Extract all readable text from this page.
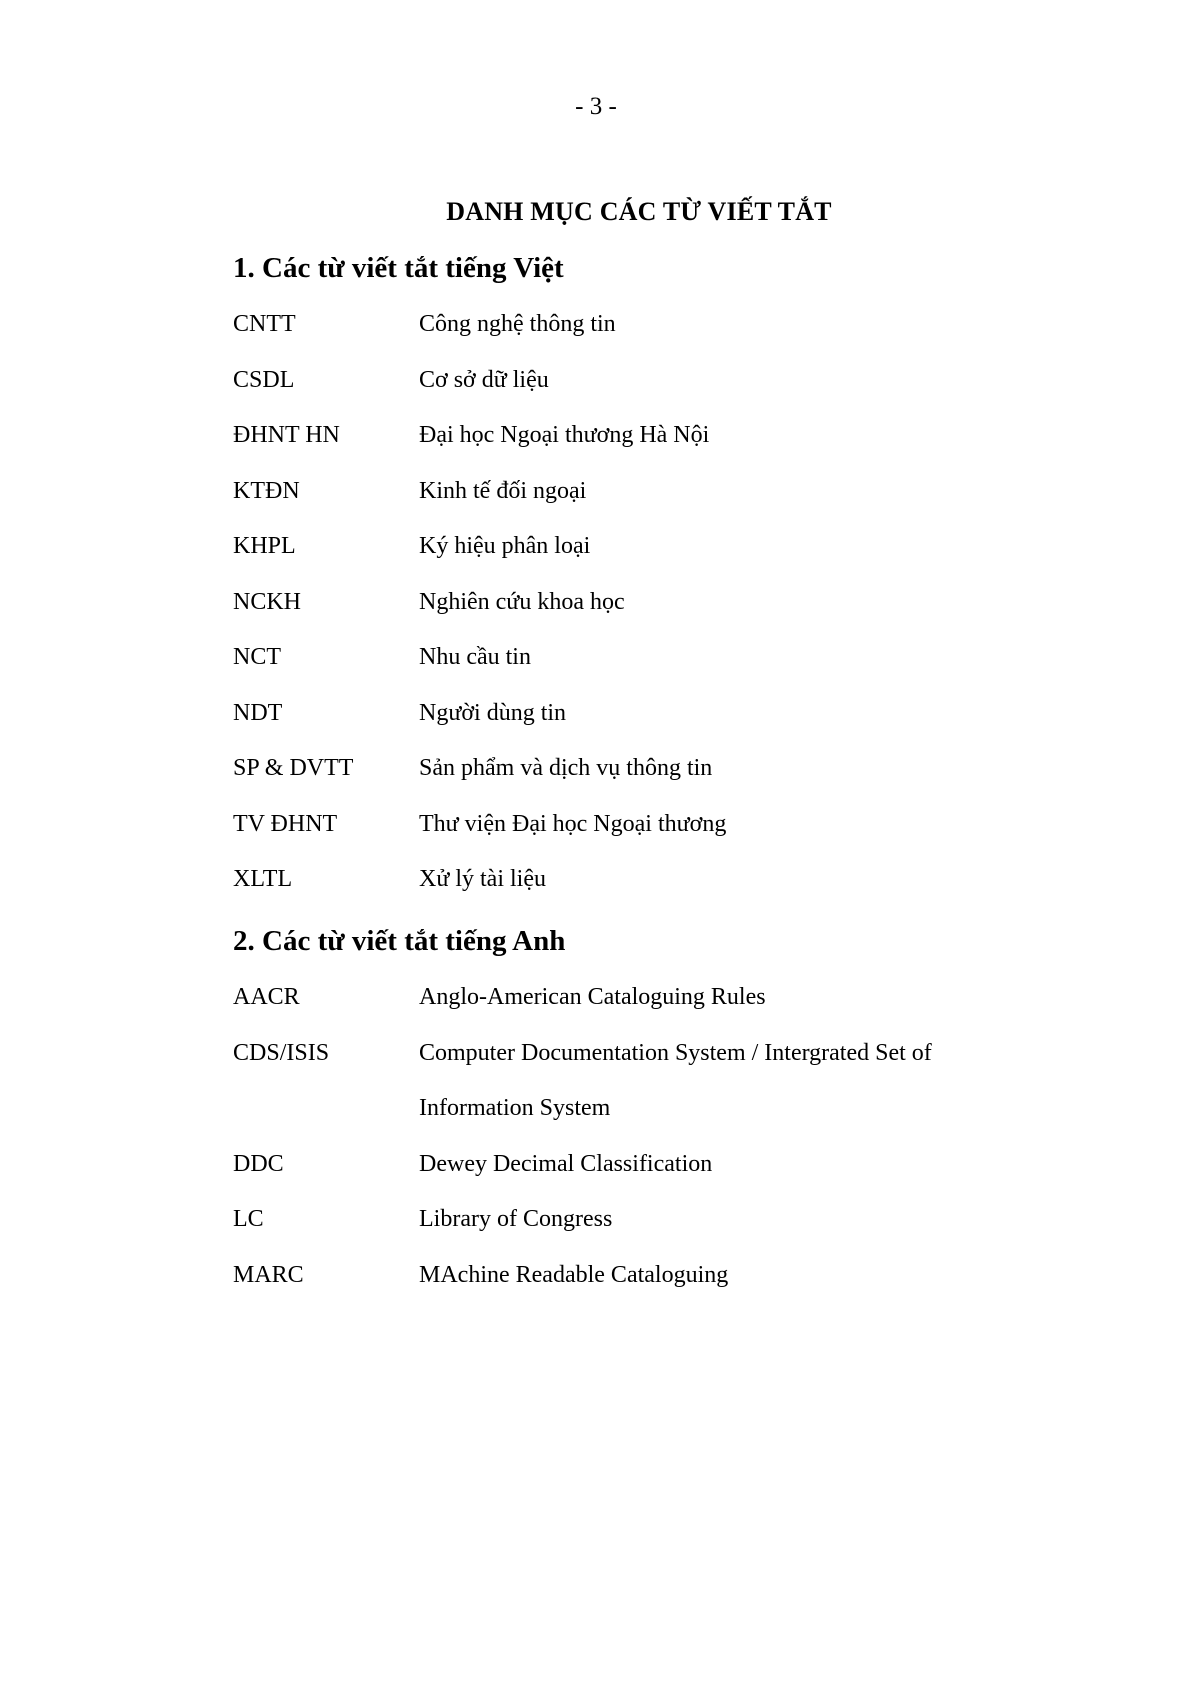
- 3 -
DANH MỤC CÁC TỪ VIẾT TẮT
1. Các từ viết tắt tiếng Việt
CNTT	Công nghệ thông tin
CSDL	Cơ sở dữ liệu
ĐHNT HN	Đại học Ngoại thương Hà Nội
KTĐN	Kinh tế đối ngoại
KHPL	Ký hiệu phân loại
NCKH	Nghiên cứu khoa học
NCT	Nhu cầu tin
NDT	Người dùng tin
SP & DVTT	Sản phẩm và dịch vụ thông tin
TV ĐHNT	Thư viện Đại học Ngoại thương
XLTL	Xử lý tài liệu
2. Các từ viết tắt tiếng Anh
AACR	Anglo-American Cataloguing Rules
CDS/ISIS	Computer Documentation System / Intergrated Set of Information System
DDC	Dewey Decimal Classification
LC	Library of Congress
MARC	MAchine Readable Cataloguing
